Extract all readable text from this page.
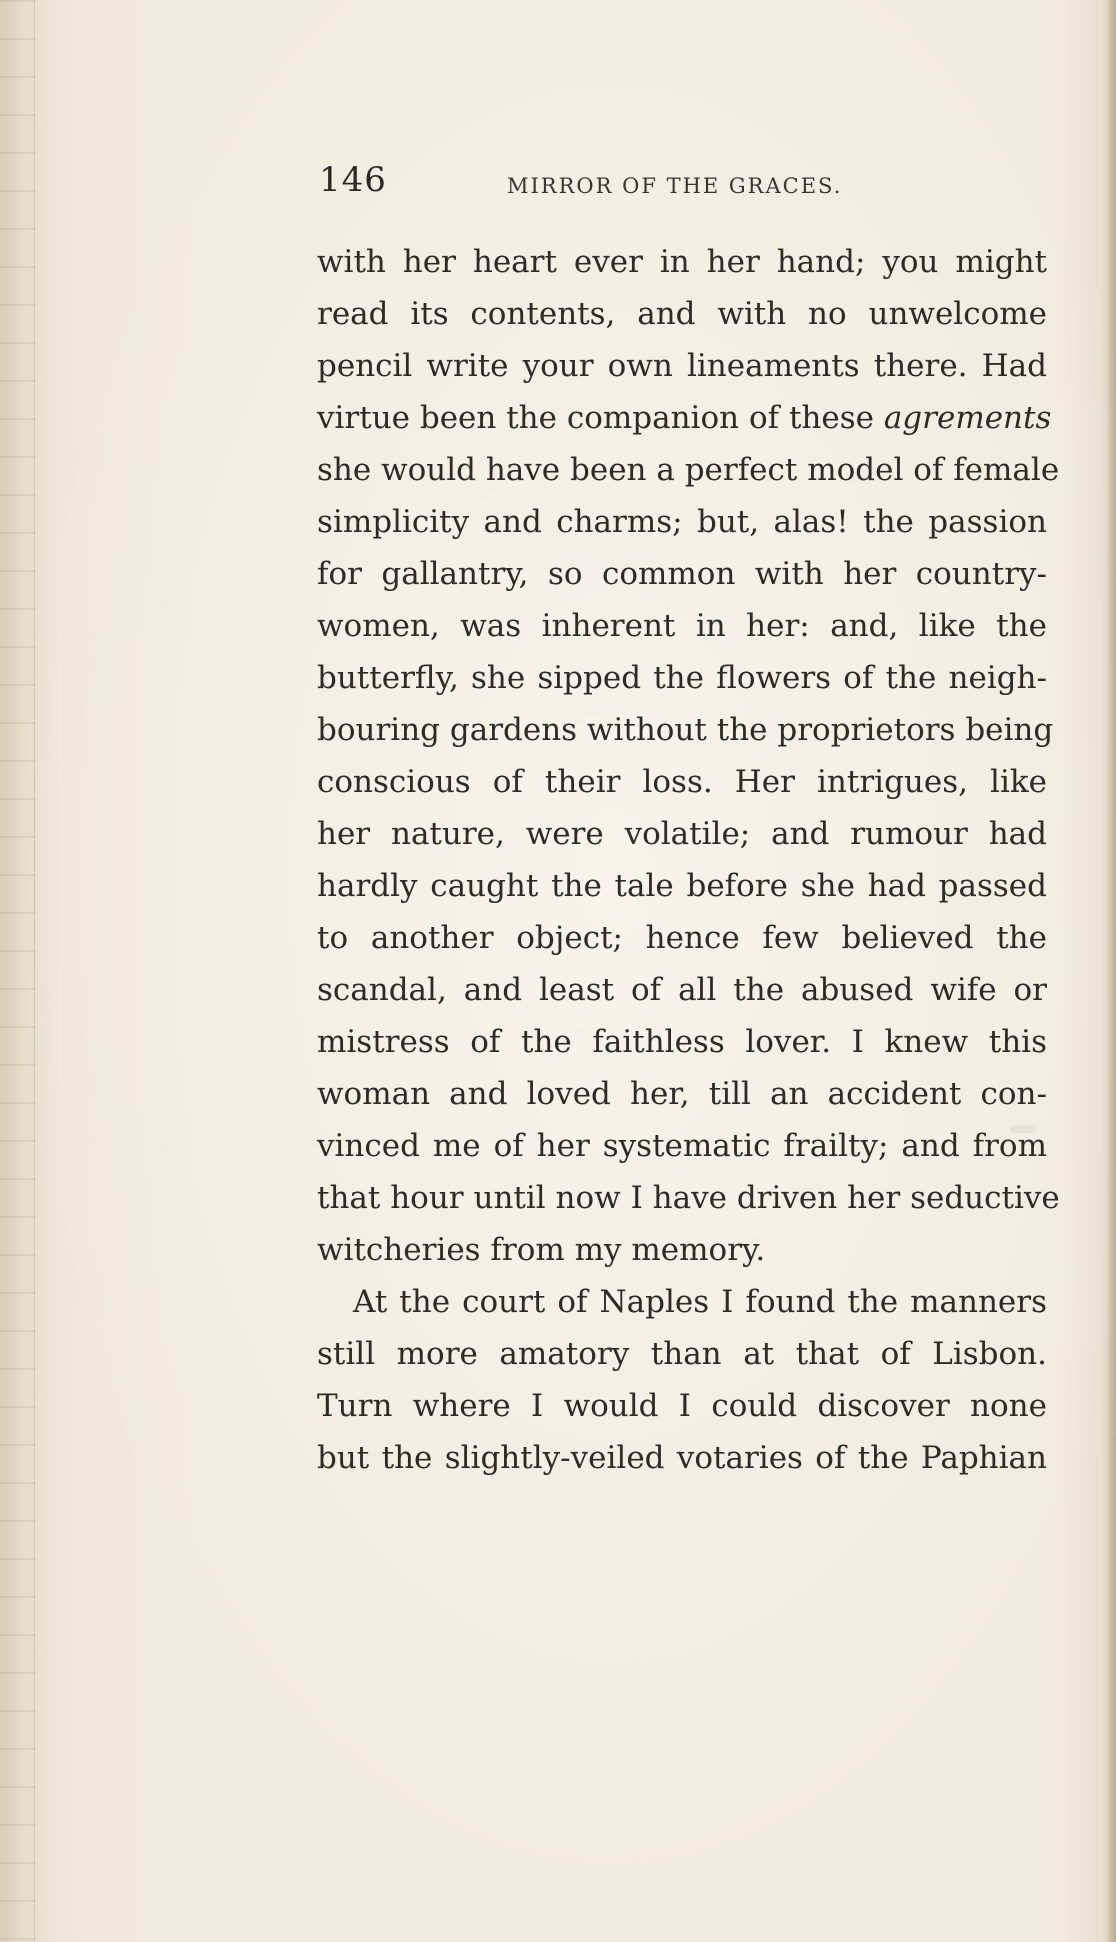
146	MIRROR OF THE GRACES.
with her heart ever in her hand; you might
read its contents, and with no unwelcome
pencil write your own lineaments there. Had
virtue been the companion of these agrements
she would have been a perfect model of female
simplicity and charms; but, alas! the passion
for gallantry, so common with her country-
women, was inherent in her: and, like the
butterfly, she sipped the flowers of the neigh-
bouring gardens without the proprietors being
conscious of their loss. Her intrigues, like
her nature, were volatile; and rumour had
hardly caught the tale before she had passed
to another object; hence few believed the
scandal, and least of all the abused wife or
mistress of the faithless lover. I knew this
woman and loved her, till an accident con-
vinced me of her systematic frailty; and from
that hour until now I have driven her seductive
witcheries from my memory.
At the court of Naples I found the manners
still more amatory than at that of Lisbon.
Turn where I would I could discover none
but the slightly-veiled votaries of the Paphian
